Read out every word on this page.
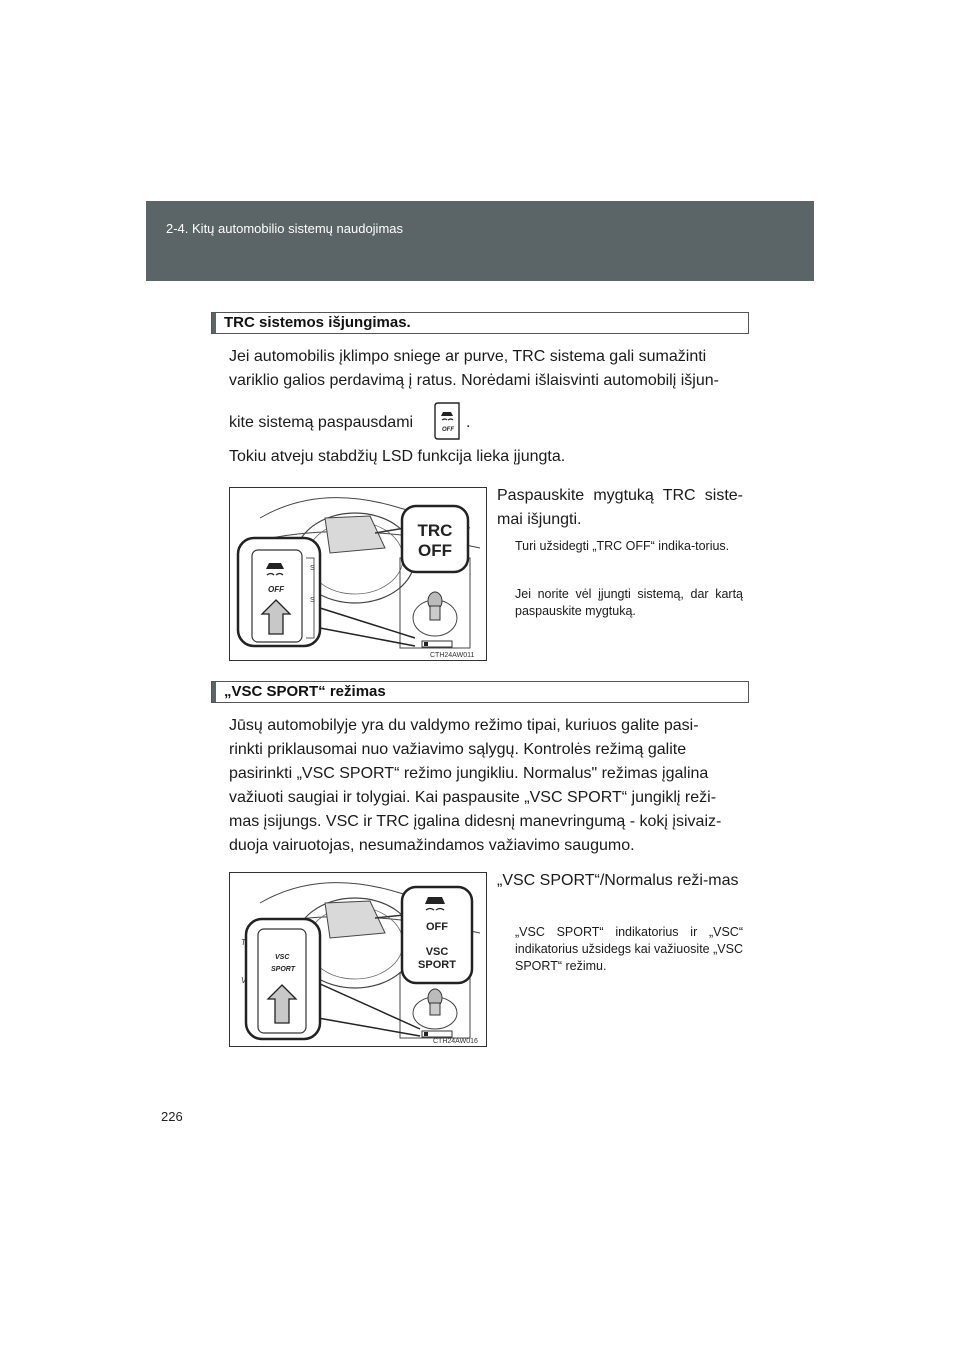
2-4. Kitų automobilio sistemų naudojimas
TRC sistemos išjungimas.
Jei automobilis įklimpo sniege ar purve, TRC sistema gali sumažinti
variklio galios perdavimą į ratus. Norėdami išlaisvinti automobilį išjun-
kite sistemą paspausdami	.
OFF
Tokiu atveju stabdžių LSD funkcija lieka įjungta.
Paspauskite mygtuką TRC siste-mai išjungti.
Turi užsidegti „TRC OFF“ indika-torius.
Jei norite vėl įjungti sistemą, dar kartą paspauskite mygtuką.
TRC
OFF
S
S
OFF
CTH24AW011
„VSC SPORT“ režimas
Jūsų automobilyje yra du valdymo režimo tipai, kuriuos galite pasi-
rinkti priklausomai nuo važiavimo sąlygų. Kontrolės režimą galite
pasirinkti „VSC SPORT“ režimo jungikliu. Normalus" režimas įgalina
važiuoti saugiai ir tolygiai. Kai paspausite „VSC SPORT“ jungiklį reži-
mas įsijungs. VSC ir TRC įgalina didesnį manevringumą - kokį įsivaiz-
duoja vairuotojas, nesumažindamos važiavimo saugumo.
„VSC SPORT“/Normalus reži-mas
„VSC SPORT“ indikatorius ir „VSC“ indikatorius užsidegs kai važiuosite „VSC SPORT“ režimu.
OFF
VSC
SPORT
T
V
VSC
SPORT
CTH24AW016
226
